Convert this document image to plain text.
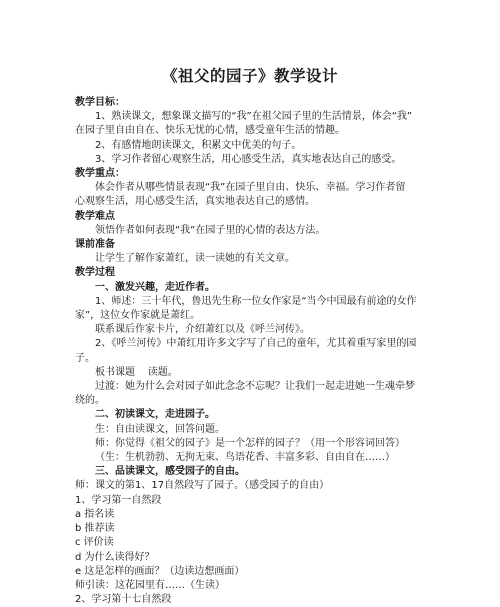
《祖父的园子》教学设计

教学目标：

1、熟读课文，想象课文描写的“我”在祖父园子里的生活情景，体会“我”

在园子里自由自在、快乐无忧的心情，感受童年生活的情趣。

2、有感情地朗读课文，积累文中优美的句子。

3、学习作者留心观察生活，用心感受生活，真实地表达自己的感受。

教学重点：

体会作者从哪些情景表现“我”在园子里自由、快乐、幸福。学习作者留

心观察生活，用心感受生活，真实地表达自己的感情。

教学难点

领悟作者如何表现“我”在园子里的心情的表达方法。

课前准备

让学生了解作家萧红，读一读她的有关文章。

教学过程

一、激发兴趣，走近作者。

1、师述：三十年代，鲁迅先生称一位女作家是“当今中国最有前途的女作

家”，这位女作家就是萧红。

联系课后作家卡片，介绍萧红以及《呼兰河传》。

2、《呼兰河传》中萧红用许多文字写了自己的童年，尤其着重写家里的园

子。

板书课题    读题。

过渡：她为什么会对园子如此念念不忘呢？让我们一起走进她一生魂牵梦

绕的。

二、初读课文，走进园子。

生：自由读课文，回答问题。

师：你觉得《祖父的园子》是一个怎样的园子？（用一个形容词回答）

（生：生机勃勃、无拘无束、鸟语花香、丰富多彩、自由自在……）

三、品读课文，感受园子的自由。

师：课文的第1、17自然段写了园子。（感受园子的自由）

1、学习第一自然段

a 指名读

b 推荐读

c 评价读

d 为什么读得好？

e 这是怎样的画面？（边读边想画面）

师引读：这花园里有……（生读）

2、学习第十七自然段
